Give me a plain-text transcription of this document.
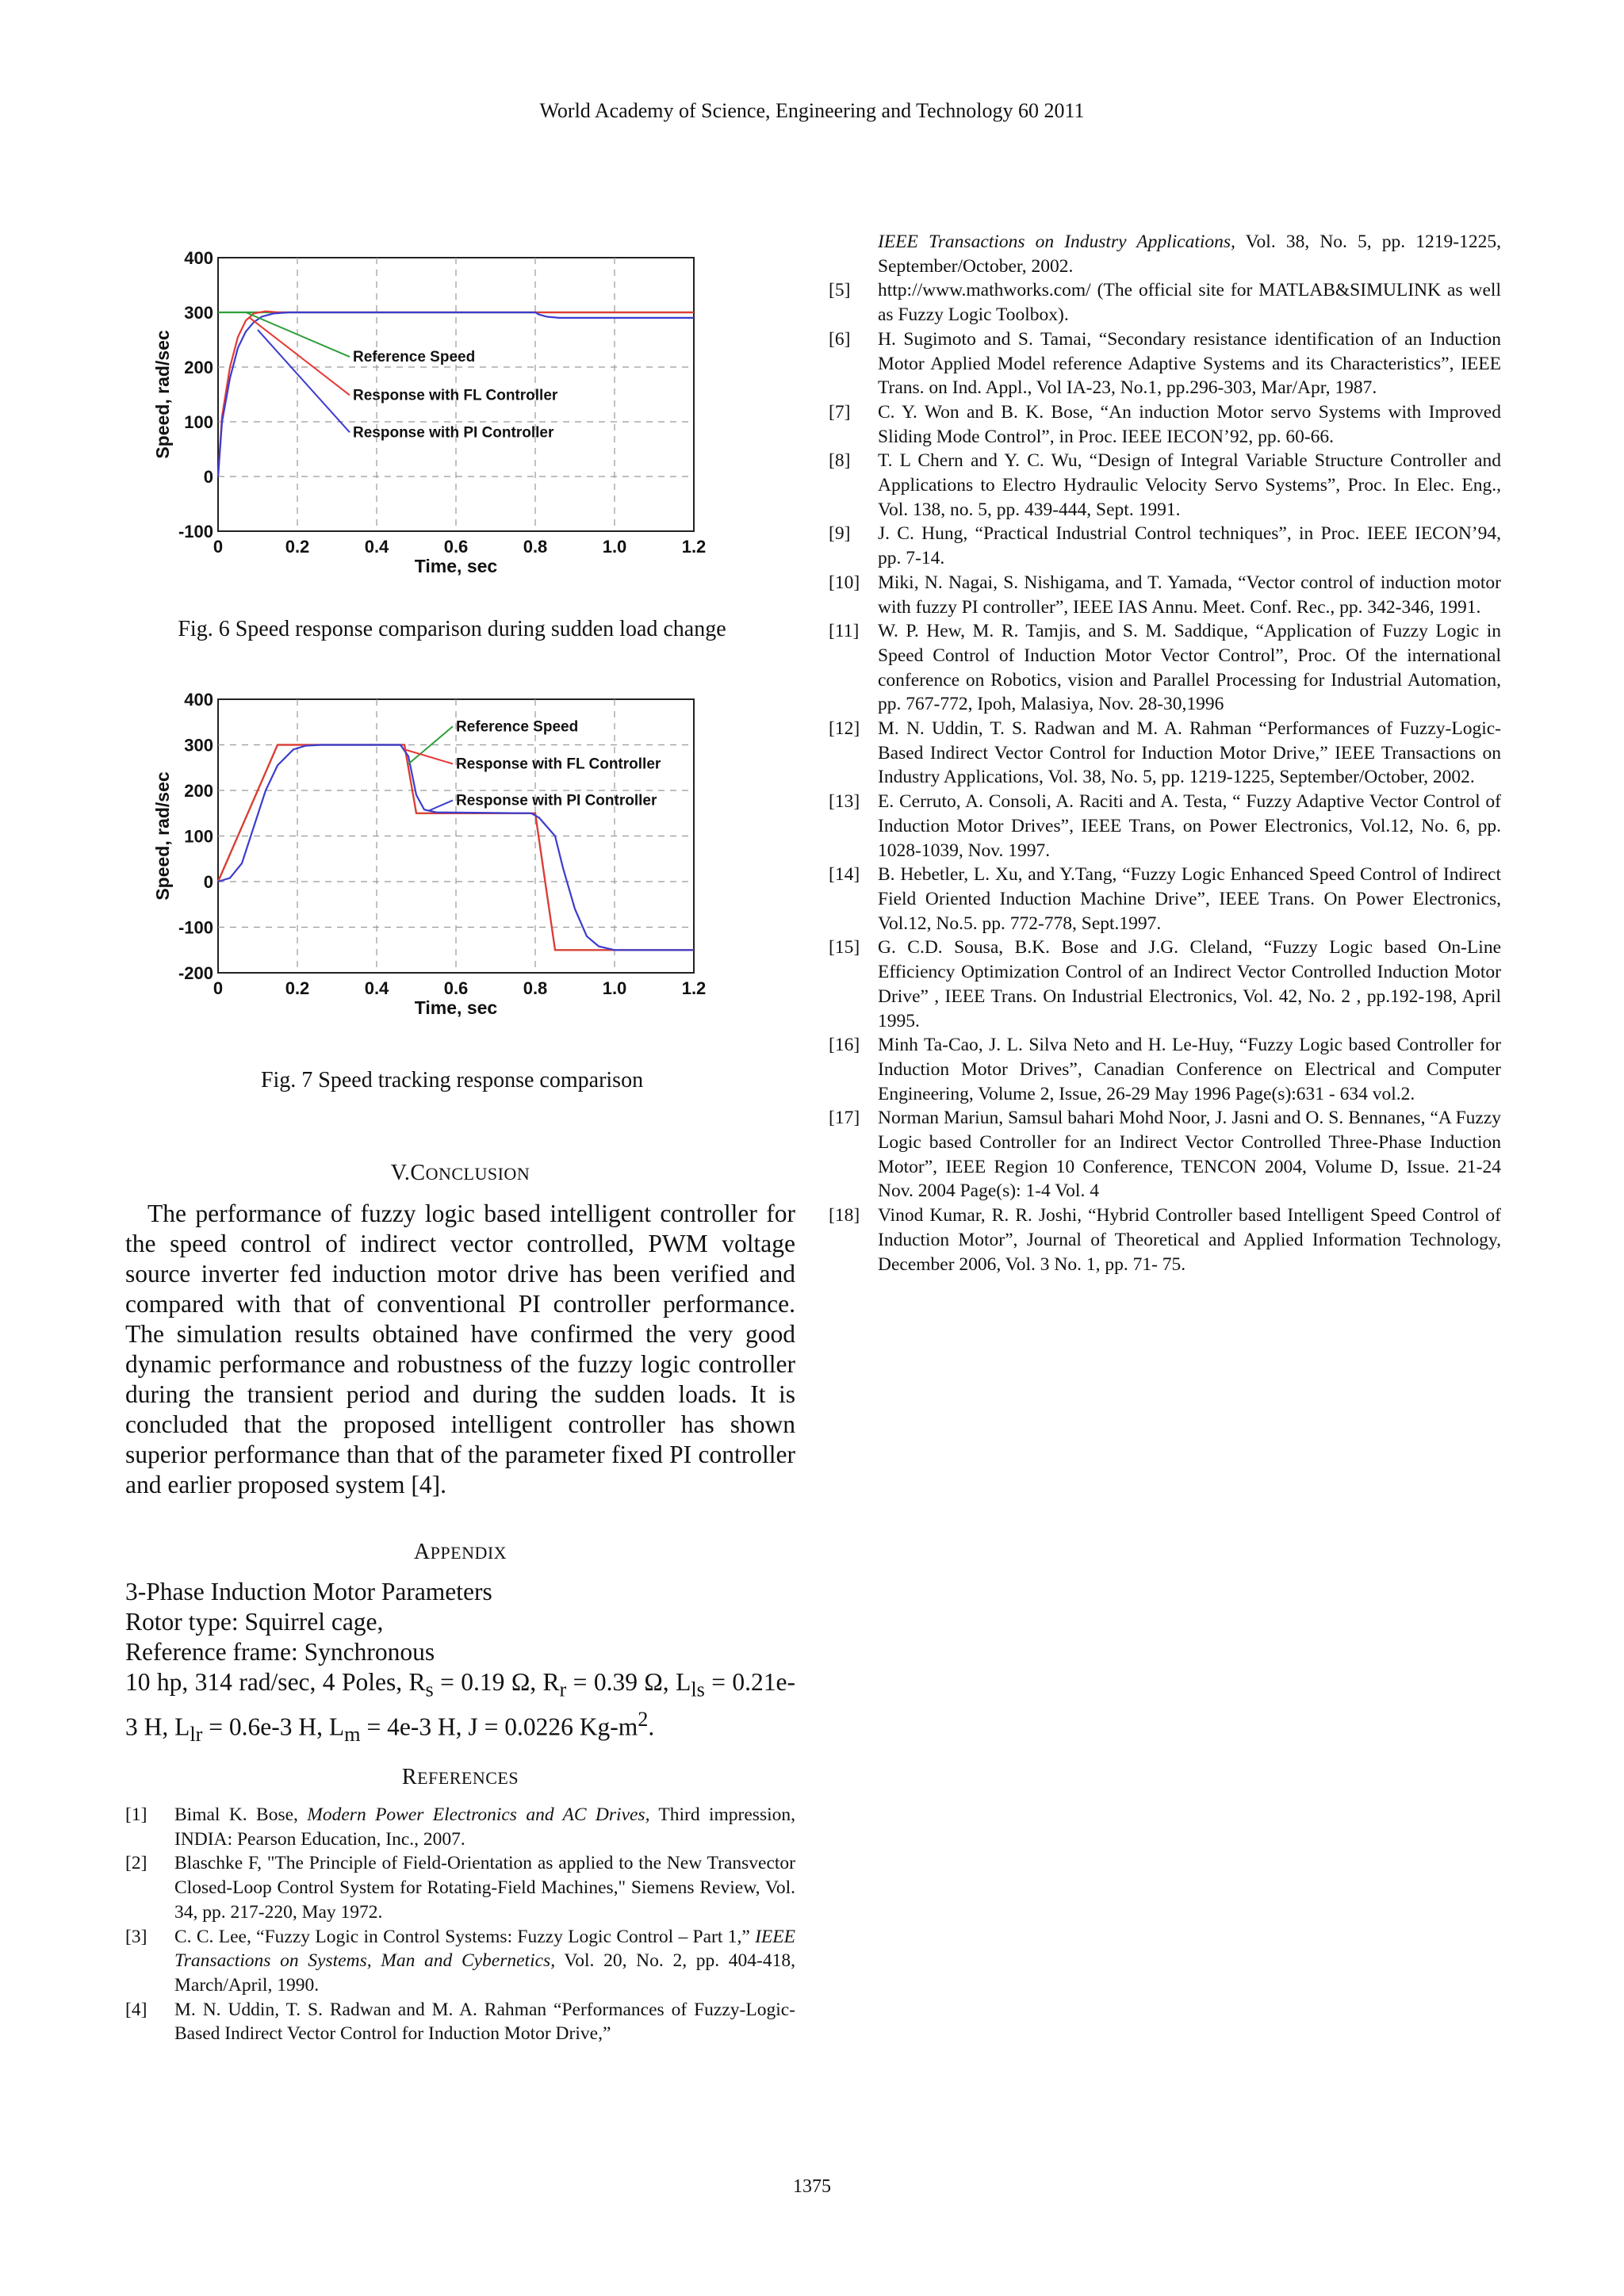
World Academy of Science, Engineering and Technology 60 2011
0	0.2	0.4	0.6	0.8	1.0	1.2
-100
0
100
200
300
400
Time, sec
Speed, rad/sec	Reference Speed
Response with FL Controller
Response with PI Controller
Fig. 6 Speed response comparison during sudden load change
0	0.2	0.4	0.6	0.8	1.0	1.2
-200
-100
0
100
200
300
400
Time, sec
Speed, rad/sec
Reference Speed
Response with FL Controller
Response with PI Controller
Fig. 7 Speed tracking response comparison
V.CONCLUSION
The performance of fuzzy logic based intelligent controller for the speed control of indirect vector controlled, PWM voltage source inverter fed induction motor drive has been verified and compared with that of conventional PI controller performance. The simulation results obtained have confirmed the very good dynamic performance and robustness of the fuzzy logic controller during the transient period and during the sudden loads. It is concluded that the proposed intelligent controller has shown superior performance than that of the parameter fixed PI controller and earlier proposed system [4].
APPENDIX
3-Phase Induction Motor Parameters
Rotor type: Squirrel cage,
Reference frame: Synchronous
10 hp, 314 rad/sec, 4 Poles, $R_s = 0.19$ Ω, $R_r = 0.39$ Ω, $L_{ls} = 0.21e-3$ H, $L_{lr} = 0.6e-3$ H, $L_m = 4e-3$ H, J = 0.0226 $Kg-m^2$.
REFERENCES
[1]	Bimal K. Bose, Modern Power Electronics and AC Drives, Third impression, INDIA: Pearson Education, Inc., 2007.
[2]	Blaschke F, "The Principle of Field-Orientation as applied to the New Transvector Closed-Loop Control System for Rotating-Field Machines," Siemens Review, Vol. 34, pp. 217-220, May 1972.
[3]	C. C. Lee, “Fuzzy Logic in Control Systems: Fuzzy Logic Control – Part 1,” IEEE Transactions on Systems, Man and Cybernetics, Vol. 20, No. 2, pp. 404-418, March/April, 1990.
[4]	M. N. Uddin, T. S. Radwan and M. A. Rahman “Performances of Fuzzy-Logic-Based Indirect Vector Control for Induction Motor Drive,”
IEEE Transactions on Industry Applications, Vol. 38, No. 5, pp. 1219-1225, September/October, 2002.
[5]	http://www.mathworks.com/ (The official site for MATLAB&SIMULINK as well as Fuzzy Logic Toolbox).
[6]	H. Sugimoto and S. Tamai, “Secondary resistance identification of an Induction Motor Applied Model reference Adaptive Systems and its Characteristics”, IEEE Trans. on Ind. Appl., Vol IA-23, No.1, pp.296-303, Mar/Apr, 1987.
[7]	C. Y. Won and B. K. Bose, “An induction Motor servo Systems with Improved Sliding Mode Control”, in Proc. IEEE IECON’92, pp. 60-66.
[8]	T. L Chern and Y. C. Wu, “Design of Integral Variable Structure Controller and Applications to Electro Hydraulic Velocity Servo Systems”, Proc. In Elec. Eng., Vol. 138, no. 5, pp. 439-444, Sept. 1991.
[9]	J. C. Hung, “Practical Industrial Control techniques”, in Proc. IEEE IECON’94, pp. 7-14.
[10] Miki, N. Nagai, S. Nishigama, and T. Yamada, “Vector control of induction motor with fuzzy PI controller”, IEEE IAS Annu. Meet. Conf. Rec., pp. 342-346, 1991.
[11]	W. P. Hew, M. R. Tamjis, and S. M. Saddique, “Application of Fuzzy Logic in Speed Control of Induction Motor Vector Control”, Proc. Of the international conference on Robotics, vision and Parallel Processing for Industrial Automation, pp. 767-772, Ipoh, Malasiya, Nov. 28-30,1996
[12] M. N. Uddin, T. S. Radwan and M. A. Rahman “Performances of Fuzzy-Logic-Based Indirect Vector Control for Induction Motor Drive,” IEEE Transactions on Industry Applications, Vol. 38, No. 5, pp. 1219-1225, September/October, 2002.
[13] E. Cerruto, A. Consoli, A. Raciti and A. Testa, “ Fuzzy Adaptive Vector Control of Induction Motor Drives”, IEEE Trans, on Power Electronics, Vol.12, No. 6, pp. 1028-1039, Nov. 1997.
[14] B. Hebetler, L. Xu, and Y.Tang, “Fuzzy Logic Enhanced Speed Control of Indirect Field Oriented Induction Machine Drive”, IEEE Trans. On Power Electronics, Vol.12, No.5. pp. 772-778, Sept.1997.
[15] G. C.D. Sousa, B.K. Bose and J.G. Cleland, “Fuzzy Logic based On-Line Efficiency Optimization Control of an Indirect Vector Controlled Induction Motor Drive” , IEEE Trans. On Industrial Electronics, Vol. 42, No. 2 , pp.192-198, April 1995.
[16] Minh Ta-Cao, J. L. Silva Neto and H. Le-Huy, “Fuzzy Logic based Controller for Induction Motor Drives”, Canadian Conference on Electrical and Computer Engineering, Volume 2, Issue, 26-29 May 1996 Page(s):631 - 634 vol.2.
[17] Norman Mariun, Samsul bahari Mohd Noor, J. Jasni and O. S. Bennanes, “A Fuzzy Logic based Controller for an Indirect Vector Controlled Three-Phase Induction Motor”, IEEE Region 10 Conference, TENCON 2004, Volume D, Issue. 21-24 Nov. 2004 Page(s): 1-4 Vol. 4
[18] Vinod Kumar, R. R. Joshi, “Hybrid Controller based Intelligent Speed Control of Induction Motor”, Journal of Theoretical and Applied Information Technology, December 2006, Vol. 3 No. 1, pp. 71- 75.
1375
